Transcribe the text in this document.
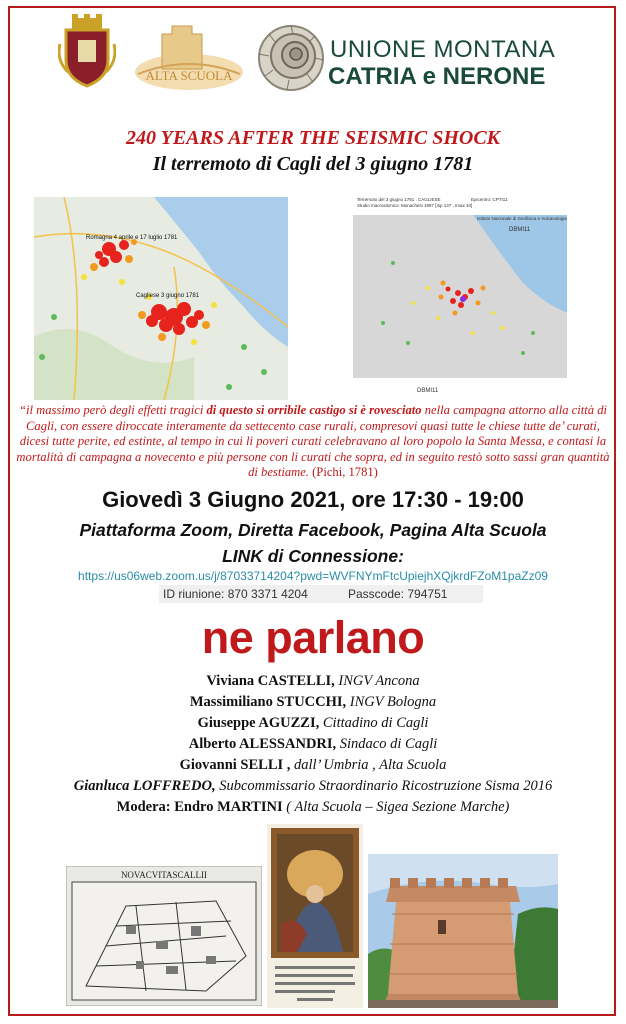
ALTA SCUOLA
UNIONE MONTANA
CATRIA e NERONE
240 YEARS AFTER THE SEISMIC SHOCK
Il terremoto di Cagli del 3 giugno 1781
Romagna 4 aprile e 17 luglio 1781
Cagliese 3 giugno 1781
Terremoto del 3 giugno 1781 . CAGLIESE
Studio macrosismico: Monachesi 1987 [Isp 137 , Imax 10]
Epicentro: CPTI11
Istituto Nazionale di Geofisica e Vulcanologia
DBMI11
DBMI11
“il massimo però degli effetti tragici di questo sì orribile castigo si è rovesciato nella campagna attorno alla città di Cagli, con essere diroccate interamente da settecento case rurali, compresovi quasi tutte le chiese tutte de’ curati, dicesi tutte perite, ed estinte, al tempo in cui li poveri curati celebravano al loro popolo la Santa Messa, e contasi la mortalità di campagna a novecento e più persone con li curati che sopra, ed in seguito restò sotto sassi gran quantità di bestiame. (Pichi, 1781)
Giovedì 3 Giugno 2021, ore 17:30 - 19:00
Piattaforma Zoom, Diretta Facebook, Pagina Alta Scuola
LINK di Connessione:
https://us06web.zoom.us/j/87033714204?pwd=WVFNYmFtcUpiejhXQjkrdFZoM1paZz09
ID riunione: 870 3371 4204	Passcode: 794751
ne parlano
Viviana CASTELLI, INGV Ancona
Massimiliano STUCCHI, INGV Bologna
Giuseppe AGUZZI, Cittadino di Cagli
Alberto ALESSANDRI, Sindaco di Cagli
Giovanni SELLI , dall’ Umbria , Alta Scuola
Gianluca LOFFREDO, Subcommissario Straordinario Ricostruzione Sisma 2016
Modera: Endro MARTINI ( Alta Scuola – Sigea Sezione Marche)
NOVACVITASCALLII
